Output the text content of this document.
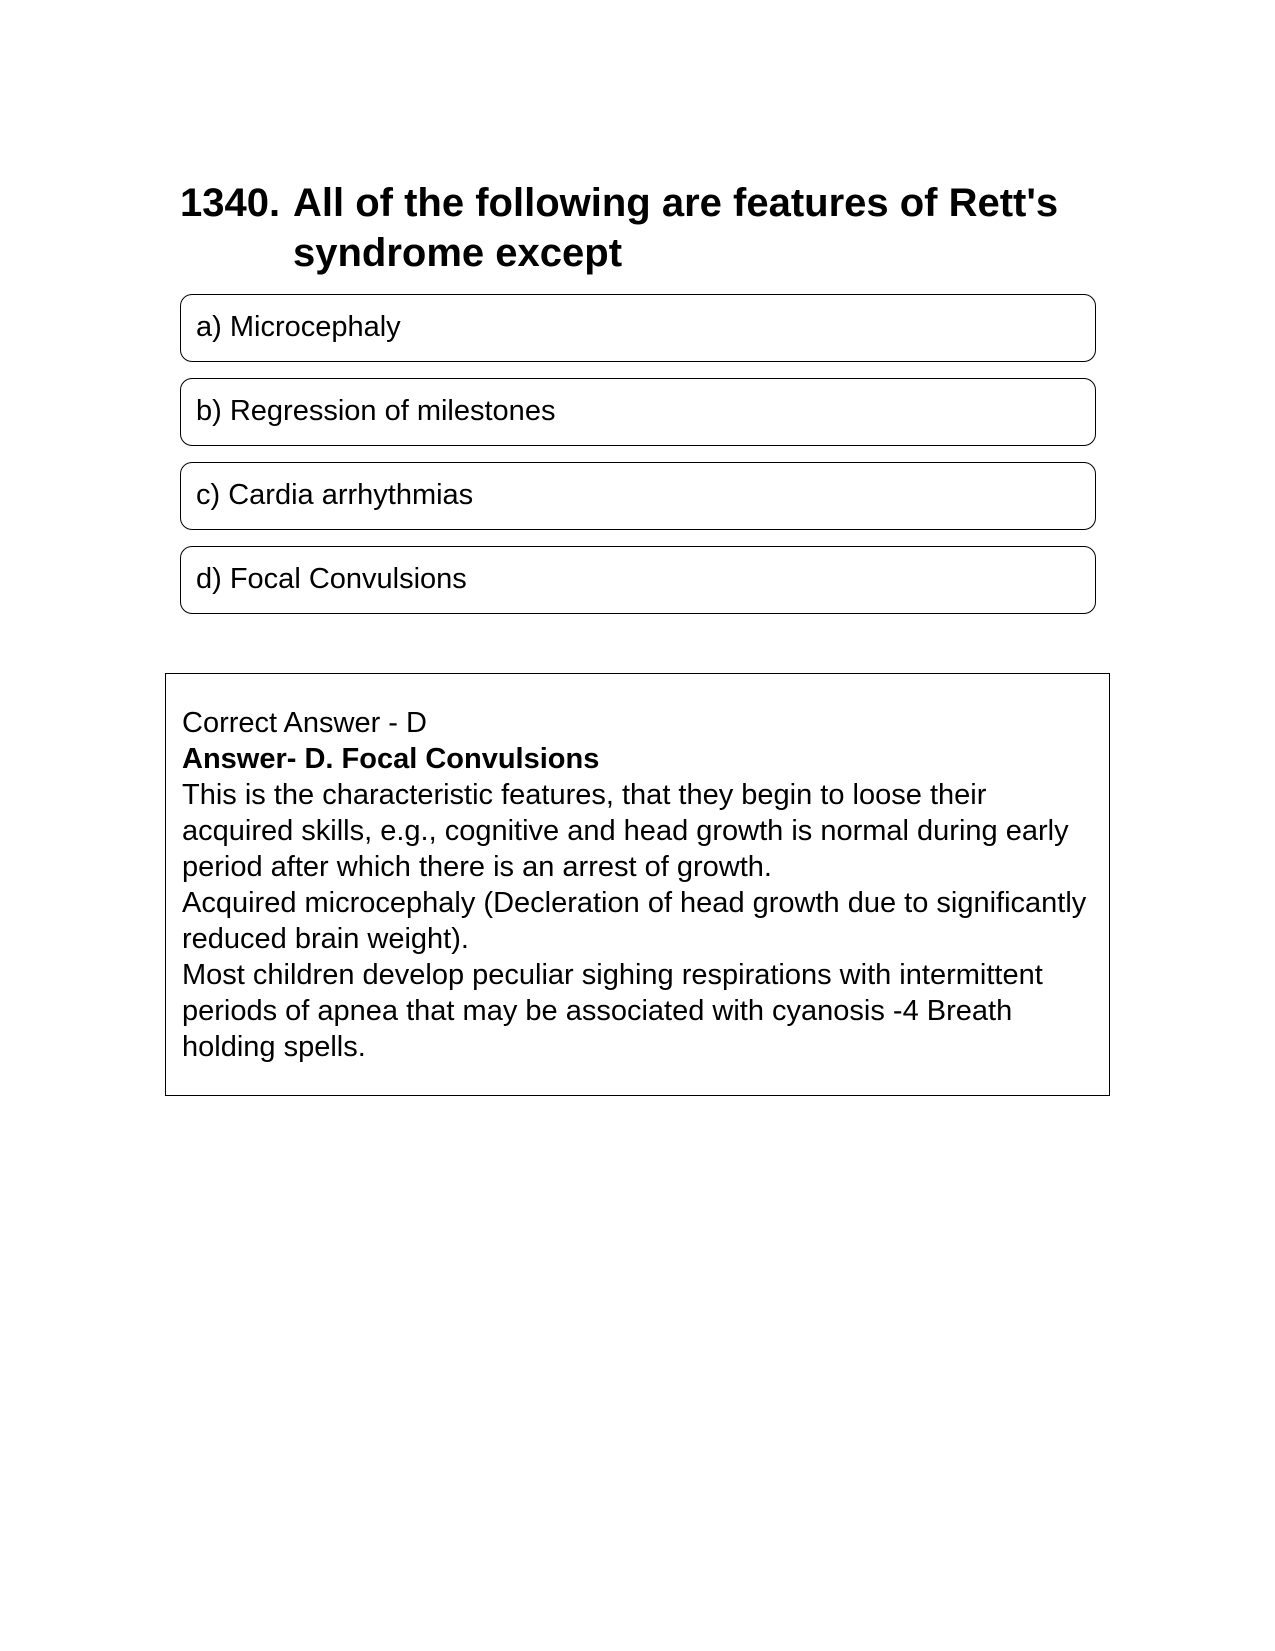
1340. All of the following are features of Rett's syndrome except
a) Microcephaly
b) Regression of milestones
c) Cardia arrhythmias
d) Focal Convulsions

Correct Answer - D

Answer- D. Focal Convulsions

This is the characteristic features, that they begin to loose their acquired skills, e.g., cognitive and head growth is normal during early period after which there is an arrest of growth.

Acquired microcephaly (Decleration of head growth due to significantly reduced brain weight).

Most children develop peculiar sighing respirations with intermittent periods of apnea that may be associated with cyanosis -4 Breath holding spells.
